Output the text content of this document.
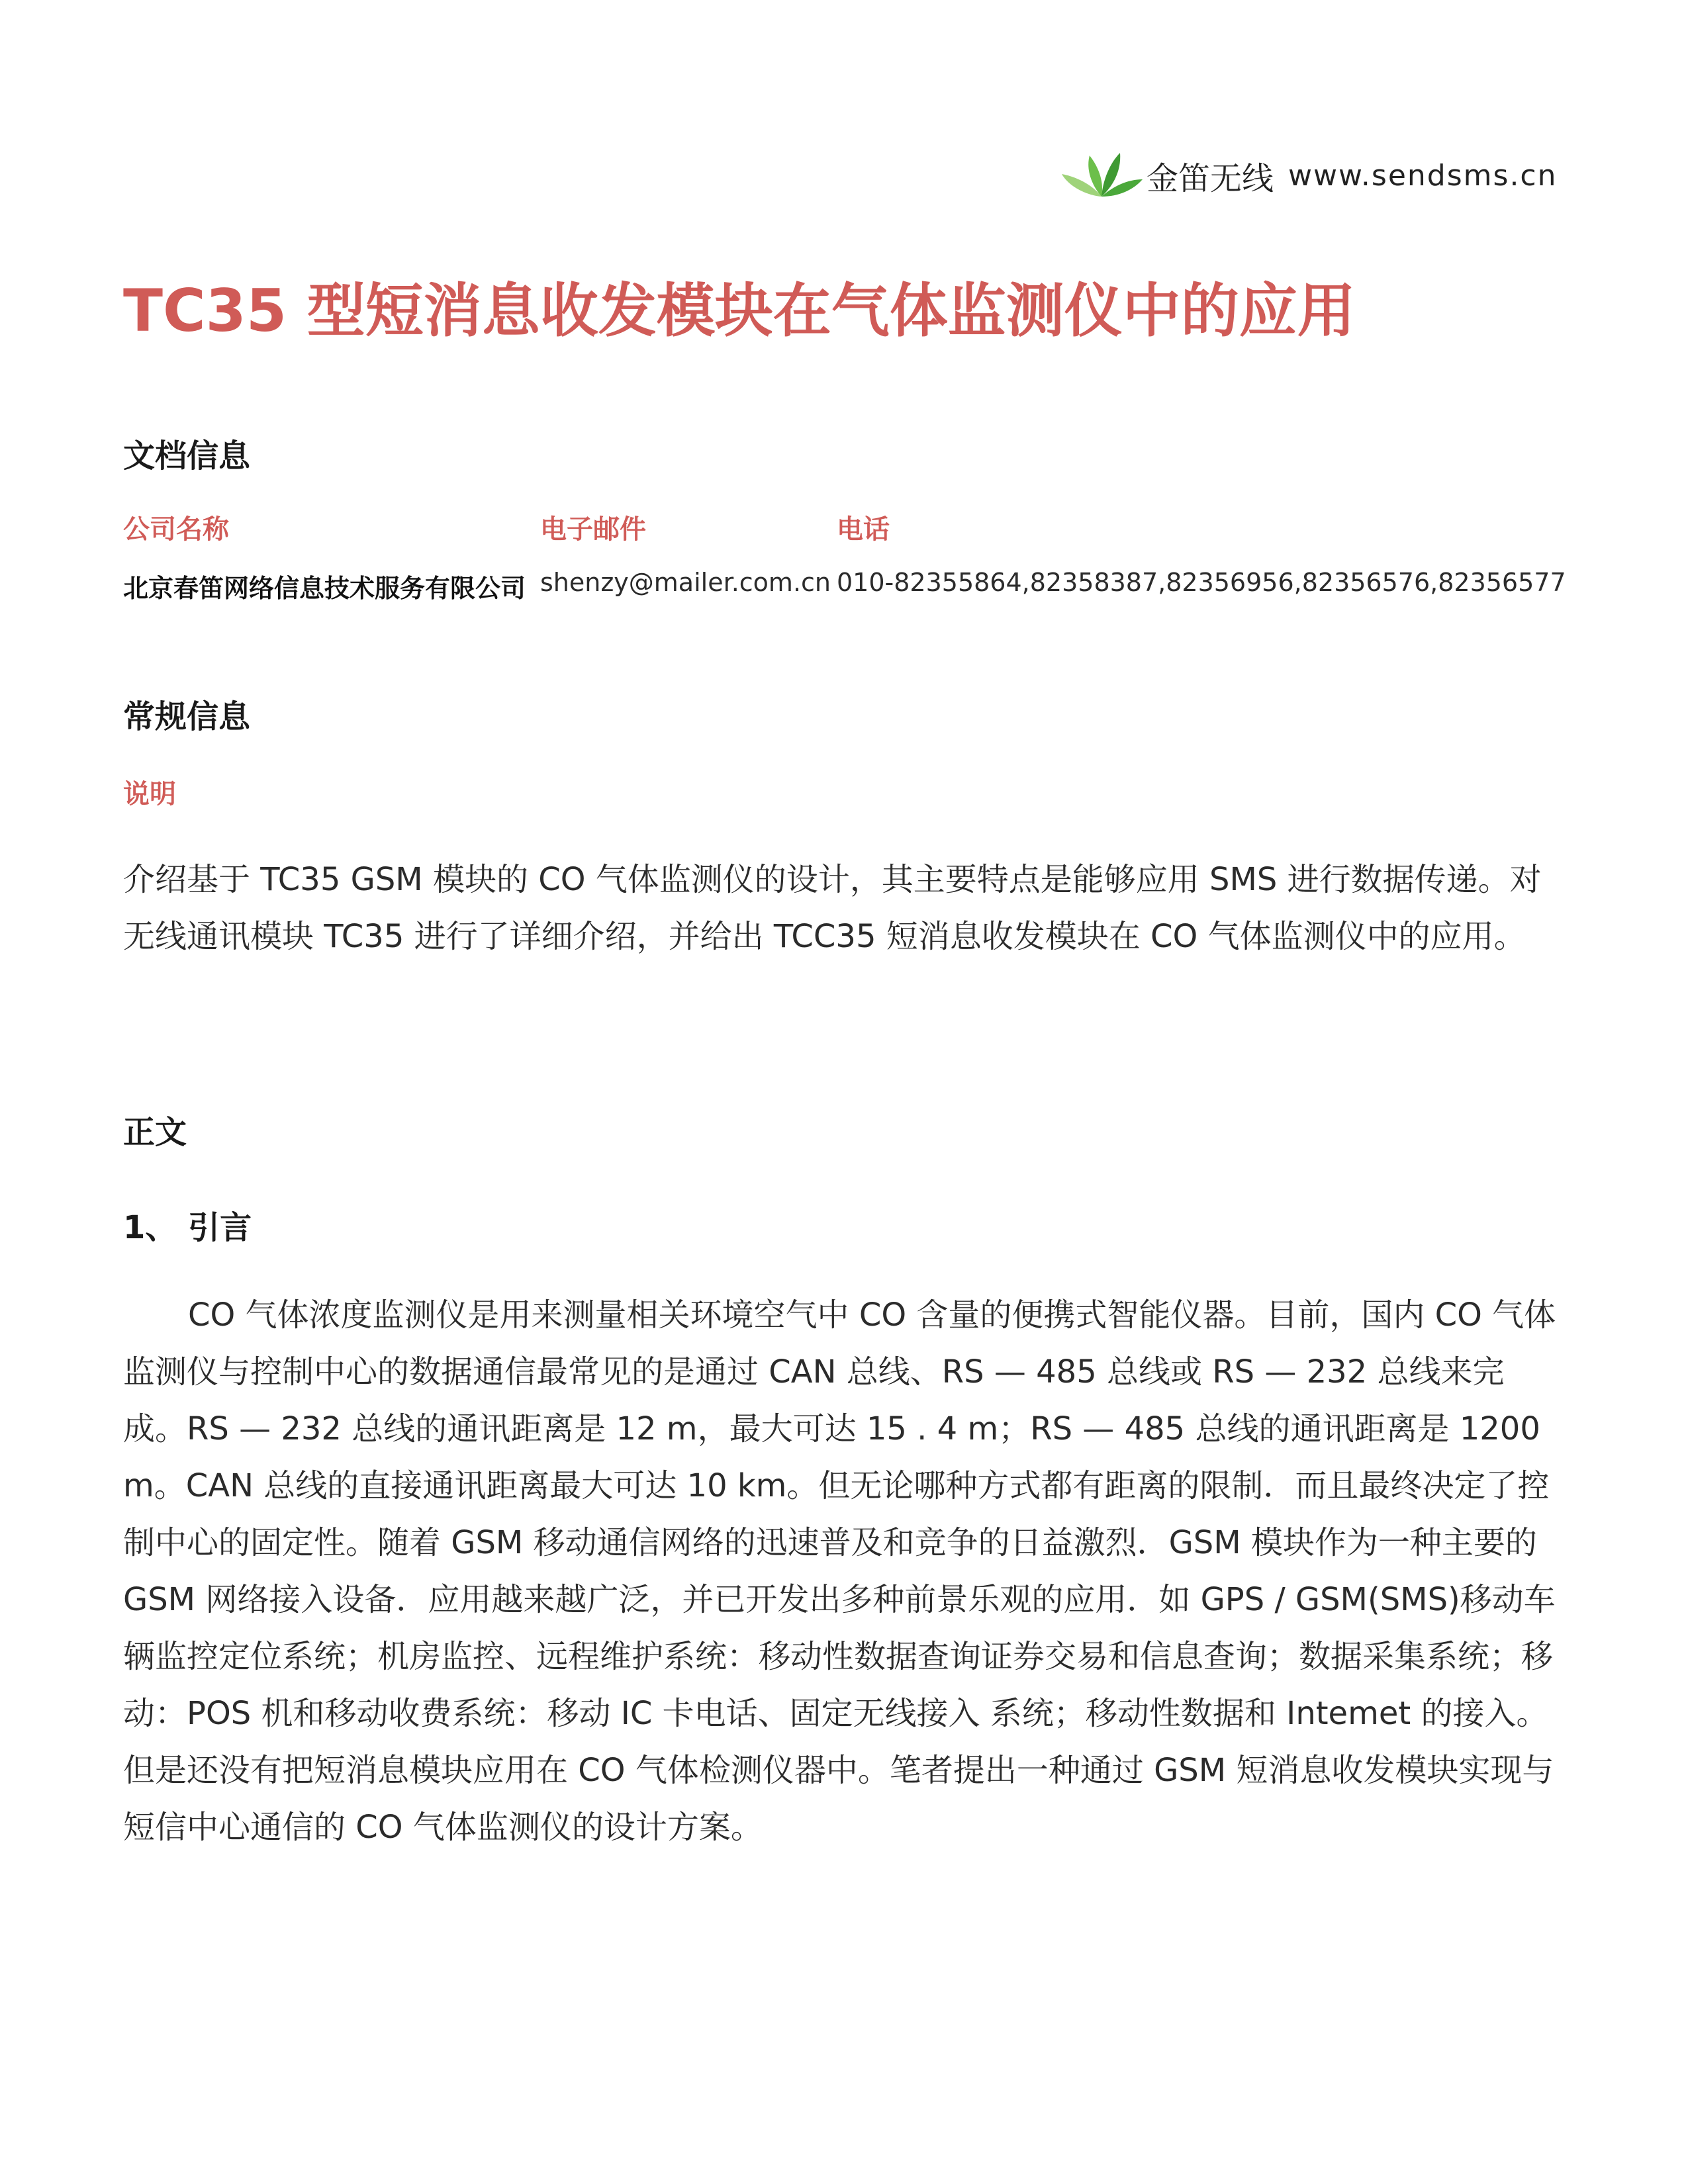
金笛无线 www.sendsms.cn
TC35 型短消息收发模块在气体监测仪中的应用
文档信息
公司名称	电子邮件	电话
北京春笛网络信息技术服务有限公司 shenzy@mailer.com.cn 010-82355864,82358387,82356956,82356576,82356577
常规信息
说明

介绍基于 TC35 GSM 模块的 CO 气体监测仪的设计，其主要特点是能够应用 SMS 进行数据传递。对无线通讯模块 TC35 进行了详细介绍，并给出 TCC35 短消息收发模块在 CO 气体监测仪中的应用。

正文
1、 引言

CO 气体浓度监测仪是用来测量相关环境空气中 CO 含量的便携式智能仪器。目前，国内 CO 气体监测仪与控制中心的数据通信最常见的是通过 CAN 总线、RS — 485 总线或 RS — 232 总线来完成。RS — 232 总线的通讯距离是 12 m，最大可达 15 . 4 m；RS — 485 总线的通讯距离是 1200 m。CAN 总线的直接通讯距离最大可达 10 km。但无论哪种方式都有距离的限制．而且最终决定了控制中心的固定性。随着 GSM 移动通信网络的迅速普及和竞争的日益激烈．GSM 模块作为一种主要的 GSM 网络接入设备．应用越来越广泛，并已开发出多种前景乐观的应用．如 GPS / GSM(SMS)移动车辆监控定位系统；机房监控、远程维护系统：移动性数据查询证券交易和信息查询；数据采集系统；移动：POS 机和移动收费系统：移动 IC 卡电话、固定无线接入 系统；移动性数据和 Intemet 的接入。但是还没有把短消息模块应用在 CO 气体检测仪器中。笔者提出一种通过 GSM 短消息收发模块实现与短信中心通信的 CO 气体监测仪的设计方案。
